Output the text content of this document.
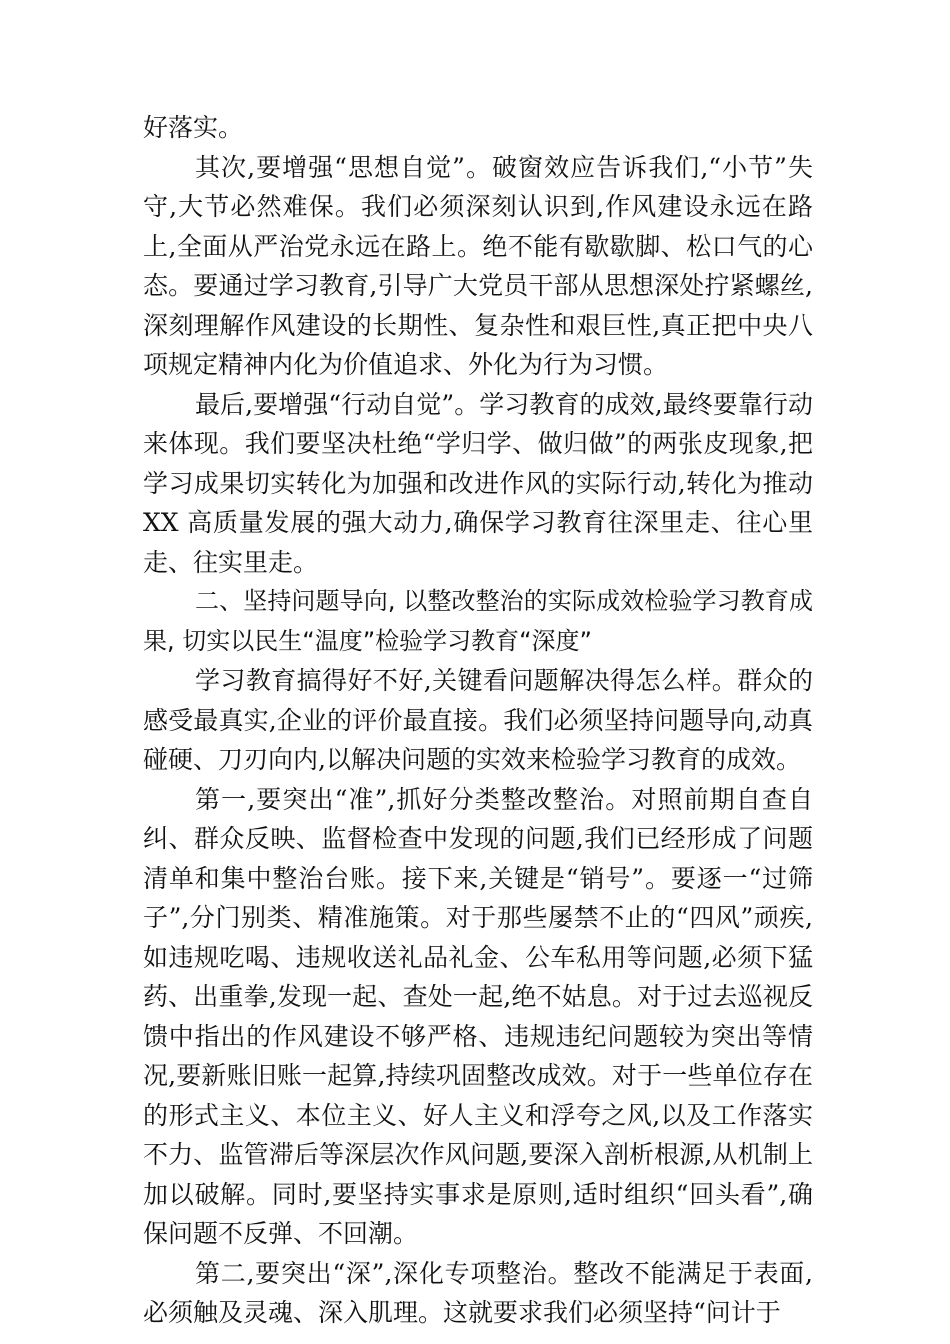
好落实。

其次,要增强“思想自觉”。破窗效应告诉我们,“小节”失守,大节必然难保。我们必须深刻认识到,作风建设永远在路上,全面从严治党永远在路上。绝不能有歇歇脚、松口气的心态。要通过学习教育,引导广大党员干部从思想深处拧紧螺丝,深刻理解作风建设的长期性、复杂性和艰巨性,真正把中央八项规定精神内化为价值追求、外化为行为习惯。

最后,要增强“行动自觉”。学习教育的成效,最终要靠行动来体现。我们要坚决杜绝“学归学、做归做”的两张皮现象,把学习成果切实转化为加强和改进作风的实际行动,转化为推动 XX 高质量发展的强大动力,确保学习教育往深里走、往心里走、往实里走。

二、坚持问题导向, 以整改整治的实际成效检验学习教育成果, 切实以民生“温度”检验学习教育“深度”

学习教育搞得好不好,关键看问题解决得怎么样。群众的感受最真实,企业的评价最直接。我们必须坚持问题导向,动真碰硬、刀刃向内,以解决问题的实效来检验学习教育的成效。

第一,要突出“准”,抓好分类整改整治。对照前期自查自纠、群众反映、监督检查中发现的问题,我们已经形成了问题清单和集中整治台账。接下来,关键是“销号”。要逐一“过筛子”,分门别类、精准施策。对于那些屡禁不止的“四风”顽疾,如违规吃喝、违规收送礼品礼金、公车私用等问题,必须下猛药、出重拳,发现一起、查处一起,绝不姑息。对于过去巡视反馈中指出的作风建设不够严格、违规违纪问题较为突出等情况,要新账旧账一起算,持续巩固整改成效。对于一些单位存在的形式主义、本位主义、好人主义和浮夸之风,以及工作落实不力、监管滞后等深层次作风问题,要深入剖析根源,从机制上加以破解。同时,要坚持实事求是原则,适时组织“回头看”,确保问题不反弹、不回潮。

第二,要突出“深”,深化专项整治。整改不能满足于表面,必须触及灵魂、深入肌理。这就要求我们必须坚持“问计于
